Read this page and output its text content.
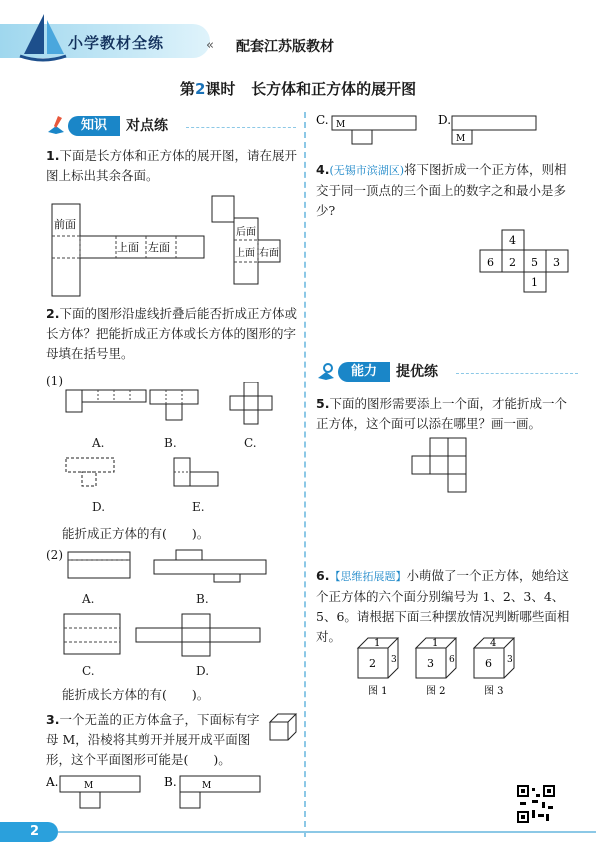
小学教材全练	« 配套江苏版教材
第2课时 长方体和正方体的展开图
知识	对点练
1.下面是长方体和正方体的展开图，请在展开图上标出其余各面。
前面
上面 左面
后面
上面 右面
2.下面的图形沿虚线折叠后能否折成正方体或长方体？把能折成正方体或长方体的图形的字母填在括号里。
(1)
A.	B.	C.
D.	E.
能折成正方体的有(　　)。
(2)
A.	B.
C.	D.
能折成长方体的有(　　)。
3.一个无盖的正方体盒子，下面标有字母 M，沿棱将其剪开并展开成平面图形，这个平面图形可能是(　　)。
A.	M	B.	M
C. M	D.
M
4.(无锡市滨湖区)将下图折成一个正方体，则相交于同一顶点的三个面上的数字之和最小是多少?
4
6 2 5 3
1
能力	提优练
5.下面的图形需要添上一个面，才能折成一个正方体，这个面可以添在哪里？画一画。
6.【思维拓展题】小萌做了一个正方体，她给这个正方体的六个面分别编号为 1、2、3、4、5、6。请根据下面三种摆放情况判断哪些面相对。	1
2 3
图 1
1
3 6
图 2
4
6 3
图 3
2
